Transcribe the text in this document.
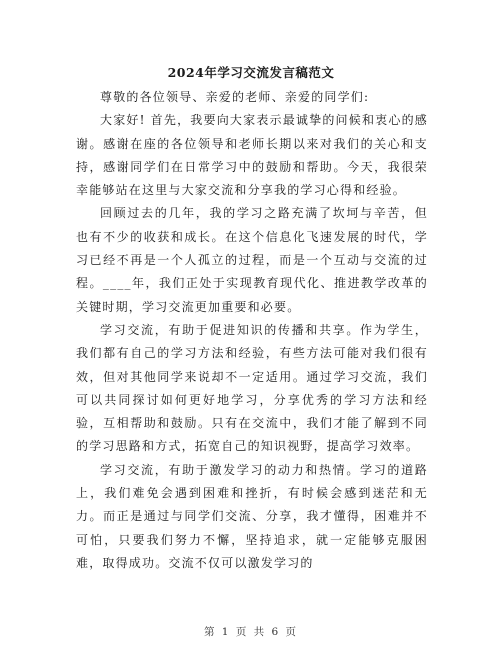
2024年学习交流发言稿范文

尊敬的各位领导、亲爱的老师、亲爱的同学们:

大家好! 首先，我要向大家表示最诚挚的问候和衷心的感谢。感谢在座的各位领导和老师长期以来对我们的关心和支持，感谢同学们在日常学习中的鼓励和帮助。今天，我很荣幸能够站在这里与大家交流和分享我的学习心得和经验。

回顾过去的几年，我的学习之路充满了坎坷与辛苦，但也有不少的收获和成长。在这个信息化飞速发展的时代，学习已经不再是一个人孤立的过程，而是一个互动与交流的过程。____年，我们正处于实现教育现代化、推进教学改革的关键时期，学习交流更加重要和必要。

学习交流，有助于促进知识的传播和共享。作为学生，我们都有自己的学习方法和经验，有些方法可能对我们很有效，但对其他同学来说却不一定适用。通过学习交流，我们可以共同探讨如何更好地学习，分享优秀的学习方法和经验，互相帮助和鼓励。只有在交流中，我们才能了解到不同的学习思路和方式，拓宽自己的知识视野，提高学习效率。

学习交流，有助于激发学习的动力和热情。学习的道路上，我们难免会遇到困难和挫折，有时候会感到迷茫和无力。而正是通过与同学们交流、分享，我才懂得，困难并不可怕，只要我们努力不懈，坚持追求，就一定能够克服困难，取得成功。交流不仅可以激发学习的

第 1 页 共 6 页
